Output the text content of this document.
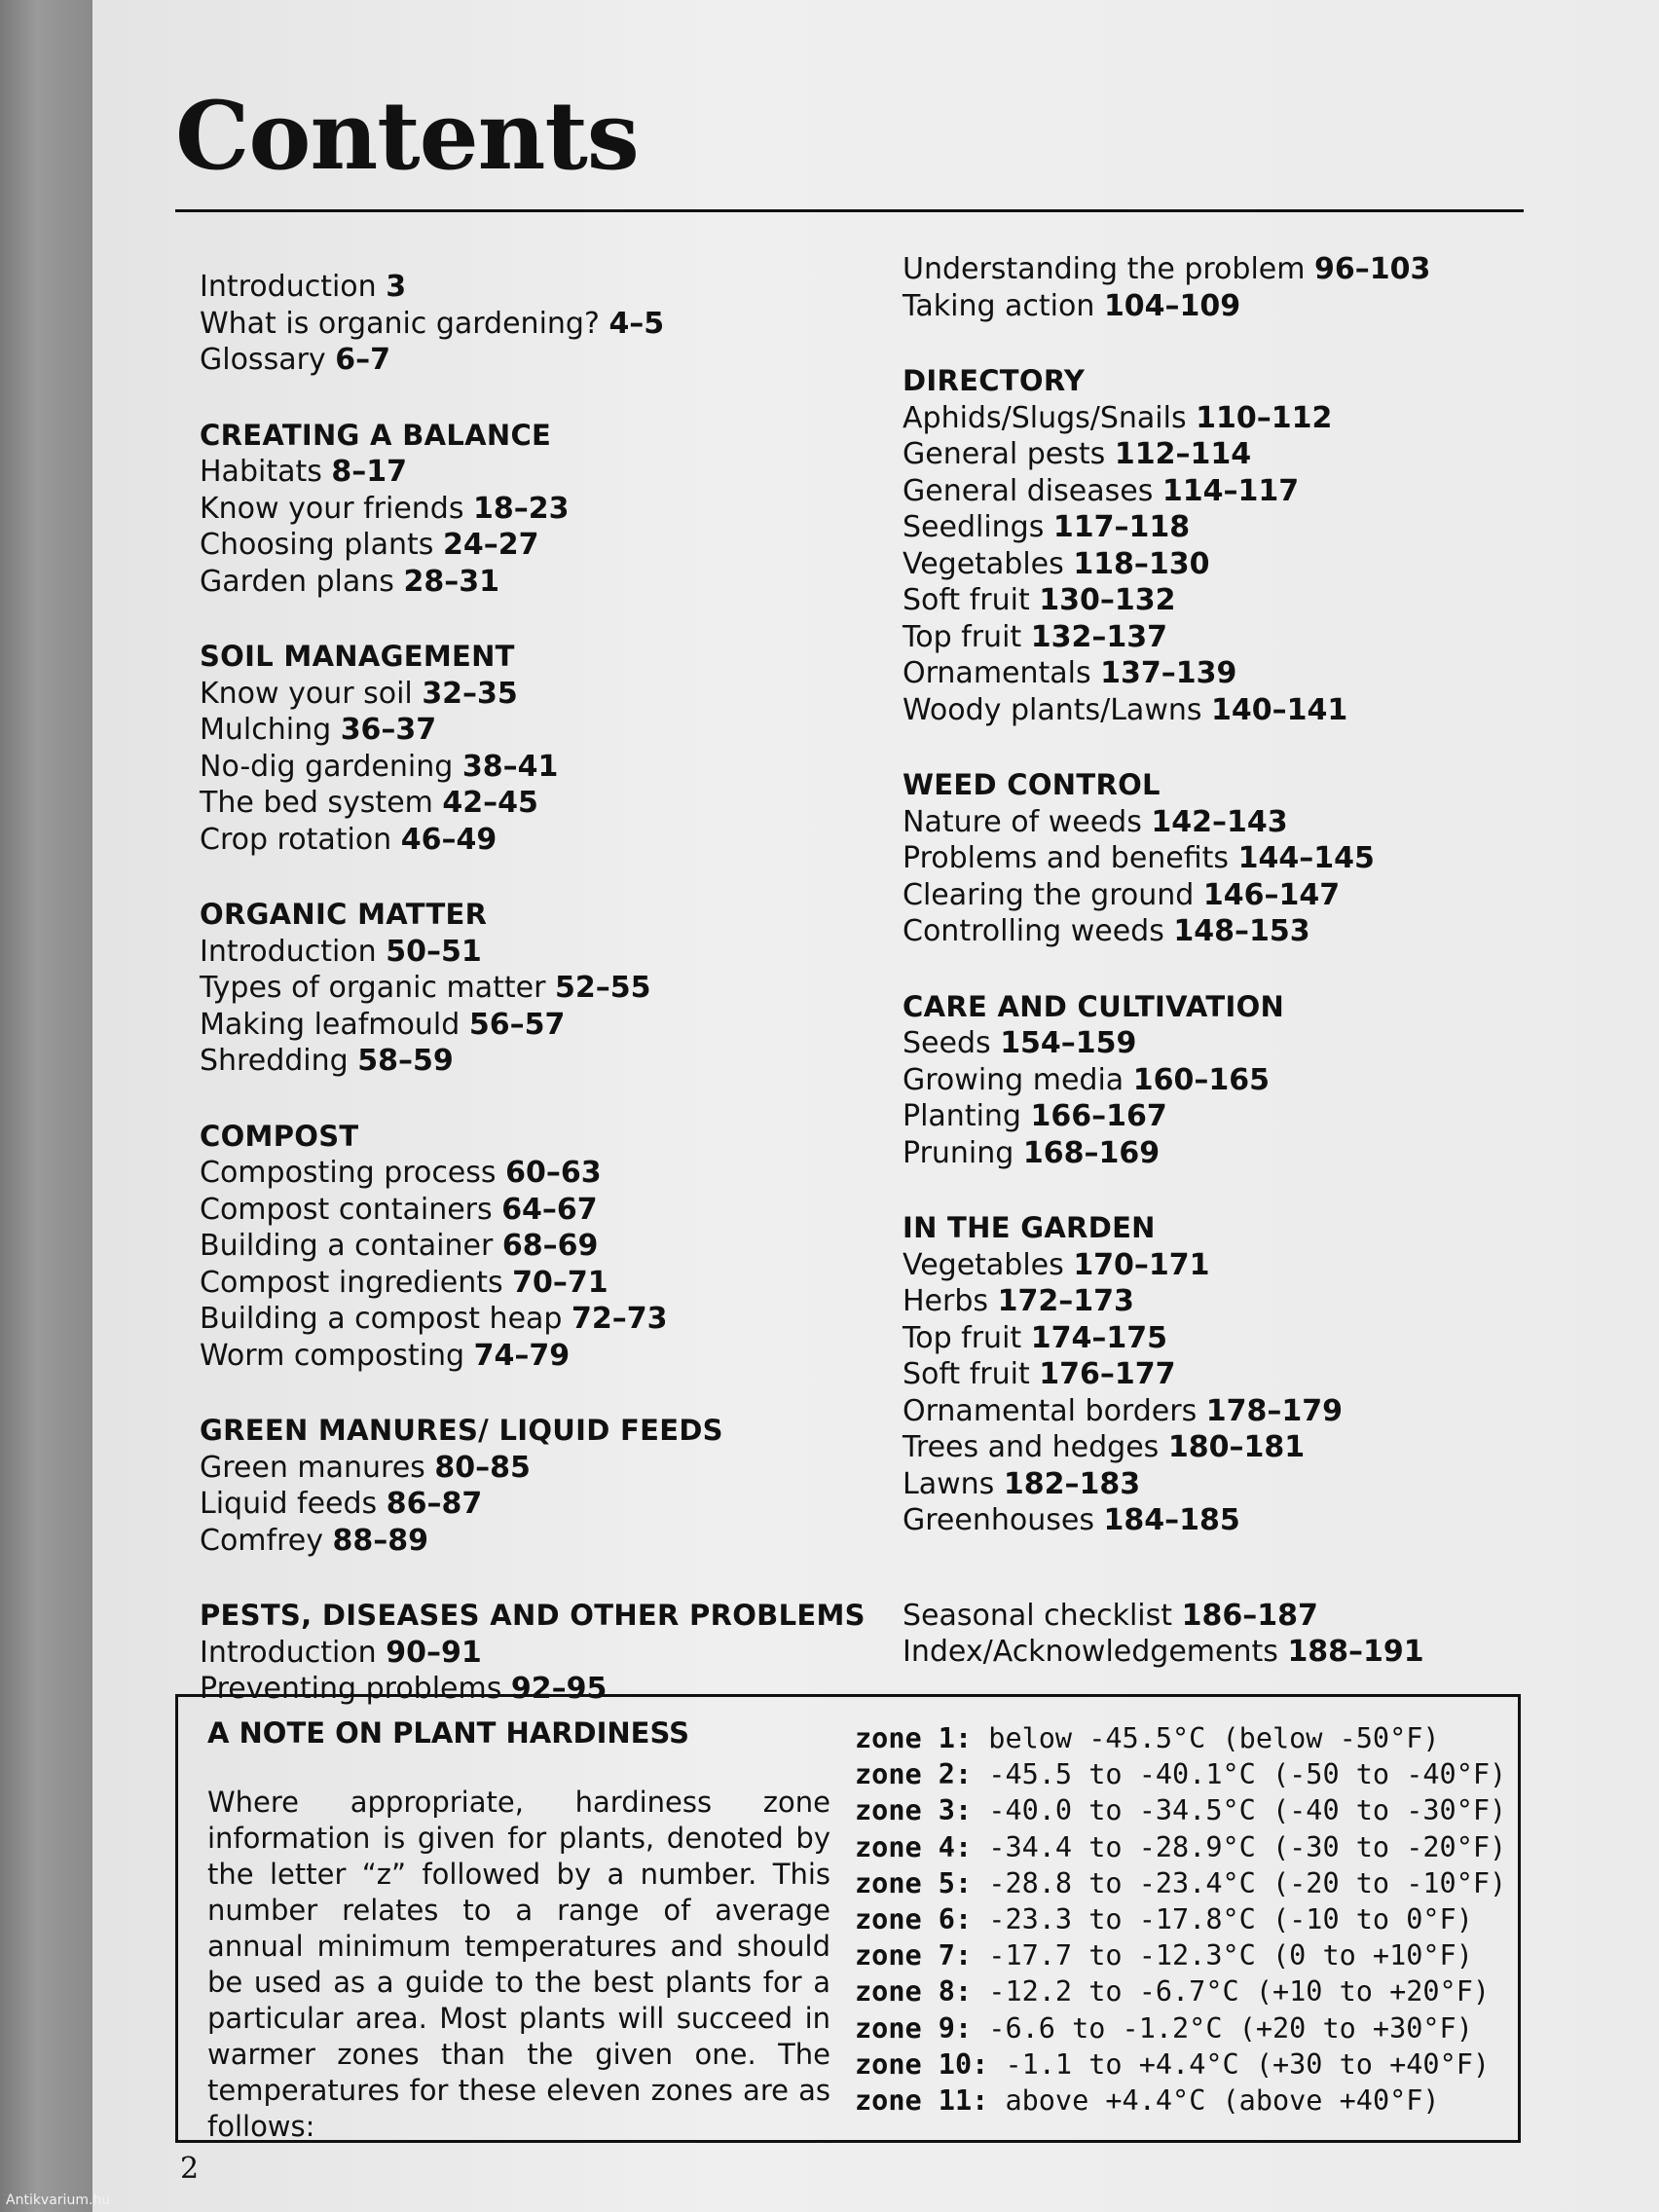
Antikvarium.hu
Contents
Introduction 3
What is organic gardening? 4–5
Glossary 6–7
CREATING A BALANCE
Habitats 8–17
Know your friends 18–23
Choosing plants 24–27
Garden plans 28–31
SOIL MANAGEMENT
Know your soil 32–35
Mulching 36–37
No-dig gardening 38–41
The bed system 42–45
Crop rotation 46–49
ORGANIC MATTER
Introduction 50–51
Types of organic matter 52–55
Making leafmould 56–57
Shredding 58–59
COMPOST
Composting process 60–63
Compost containers 64–67
Building a container 68–69
Compost ingredients 70–71
Building a compost heap 72–73
Worm composting 74–79
GREEN MANURES/ LIQUID FEEDS
Green manures 80–85
Liquid feeds 86–87
Comfrey 88–89
PESTS, DISEASES AND OTHER PROBLEMS
Introduction 90–91
Preventing problems 92–95
Understanding the problem 96–103
Taking action 104–109
DIRECTORY
Aphids/Slugs/Snails 110–112
General pests 112–114
General diseases 114–117
Seedlings 117–118
Vegetables 118–130
Soft fruit 130–132
Top fruit 132–137
Ornamentals 137–139
Woody plants/Lawns 140–141
WEED CONTROL
Nature of weeds 142–143
Problems and benefits 144–145
Clearing the ground 146–147
Controlling weeds 148–153
CARE AND CULTIVATION
Seeds 154–159
Growing media 160–165
Planting 166–167
Pruning 168–169
IN THE GARDEN
Vegetables 170–171
Herbs 172–173
Top fruit 174–175
Soft fruit 176–177
Ornamental borders 178–179
Trees and hedges 180–181
Lawns 182–183
Greenhouses 184–185
Seasonal checklist 186–187
Index/Acknowledgements 188–191
A NOTE ON PLANT HARDINESS

Where appropriate, hardiness zone information is given for plants, denoted by the letter “z” followed by a number. This number relates to a range of average annual minimum temperatures and should be used as a guide to the best plants for a particular area. Most plants will succeed in warmer zones than the given one. The temperatures for these eleven zones are as follows:

zone 1: below -45.5°C (below -50°F)
zone 2: -45.5 to -40.1°C (-50 to -40°F)
zone 3: -40.0 to -34.5°C (-40 to -30°F)
zone 4: -34.4 to -28.9°C (-30 to -20°F)
zone 5: -28.8 to -23.4°C (-20 to -10°F)
zone 6: -23.3 to -17.8°C (-10 to 0°F)
zone 7: -17.7 to -12.3°C (0 to +10°F)
zone 8: -12.2 to -6.7°C (+10 to +20°F)
zone 9: -6.6 to -1.2°C (+20 to +30°F)
zone 10: -1.1 to +4.4°C (+30 to +40°F)
zone 11: above +4.4°C (above +40°F)
2
